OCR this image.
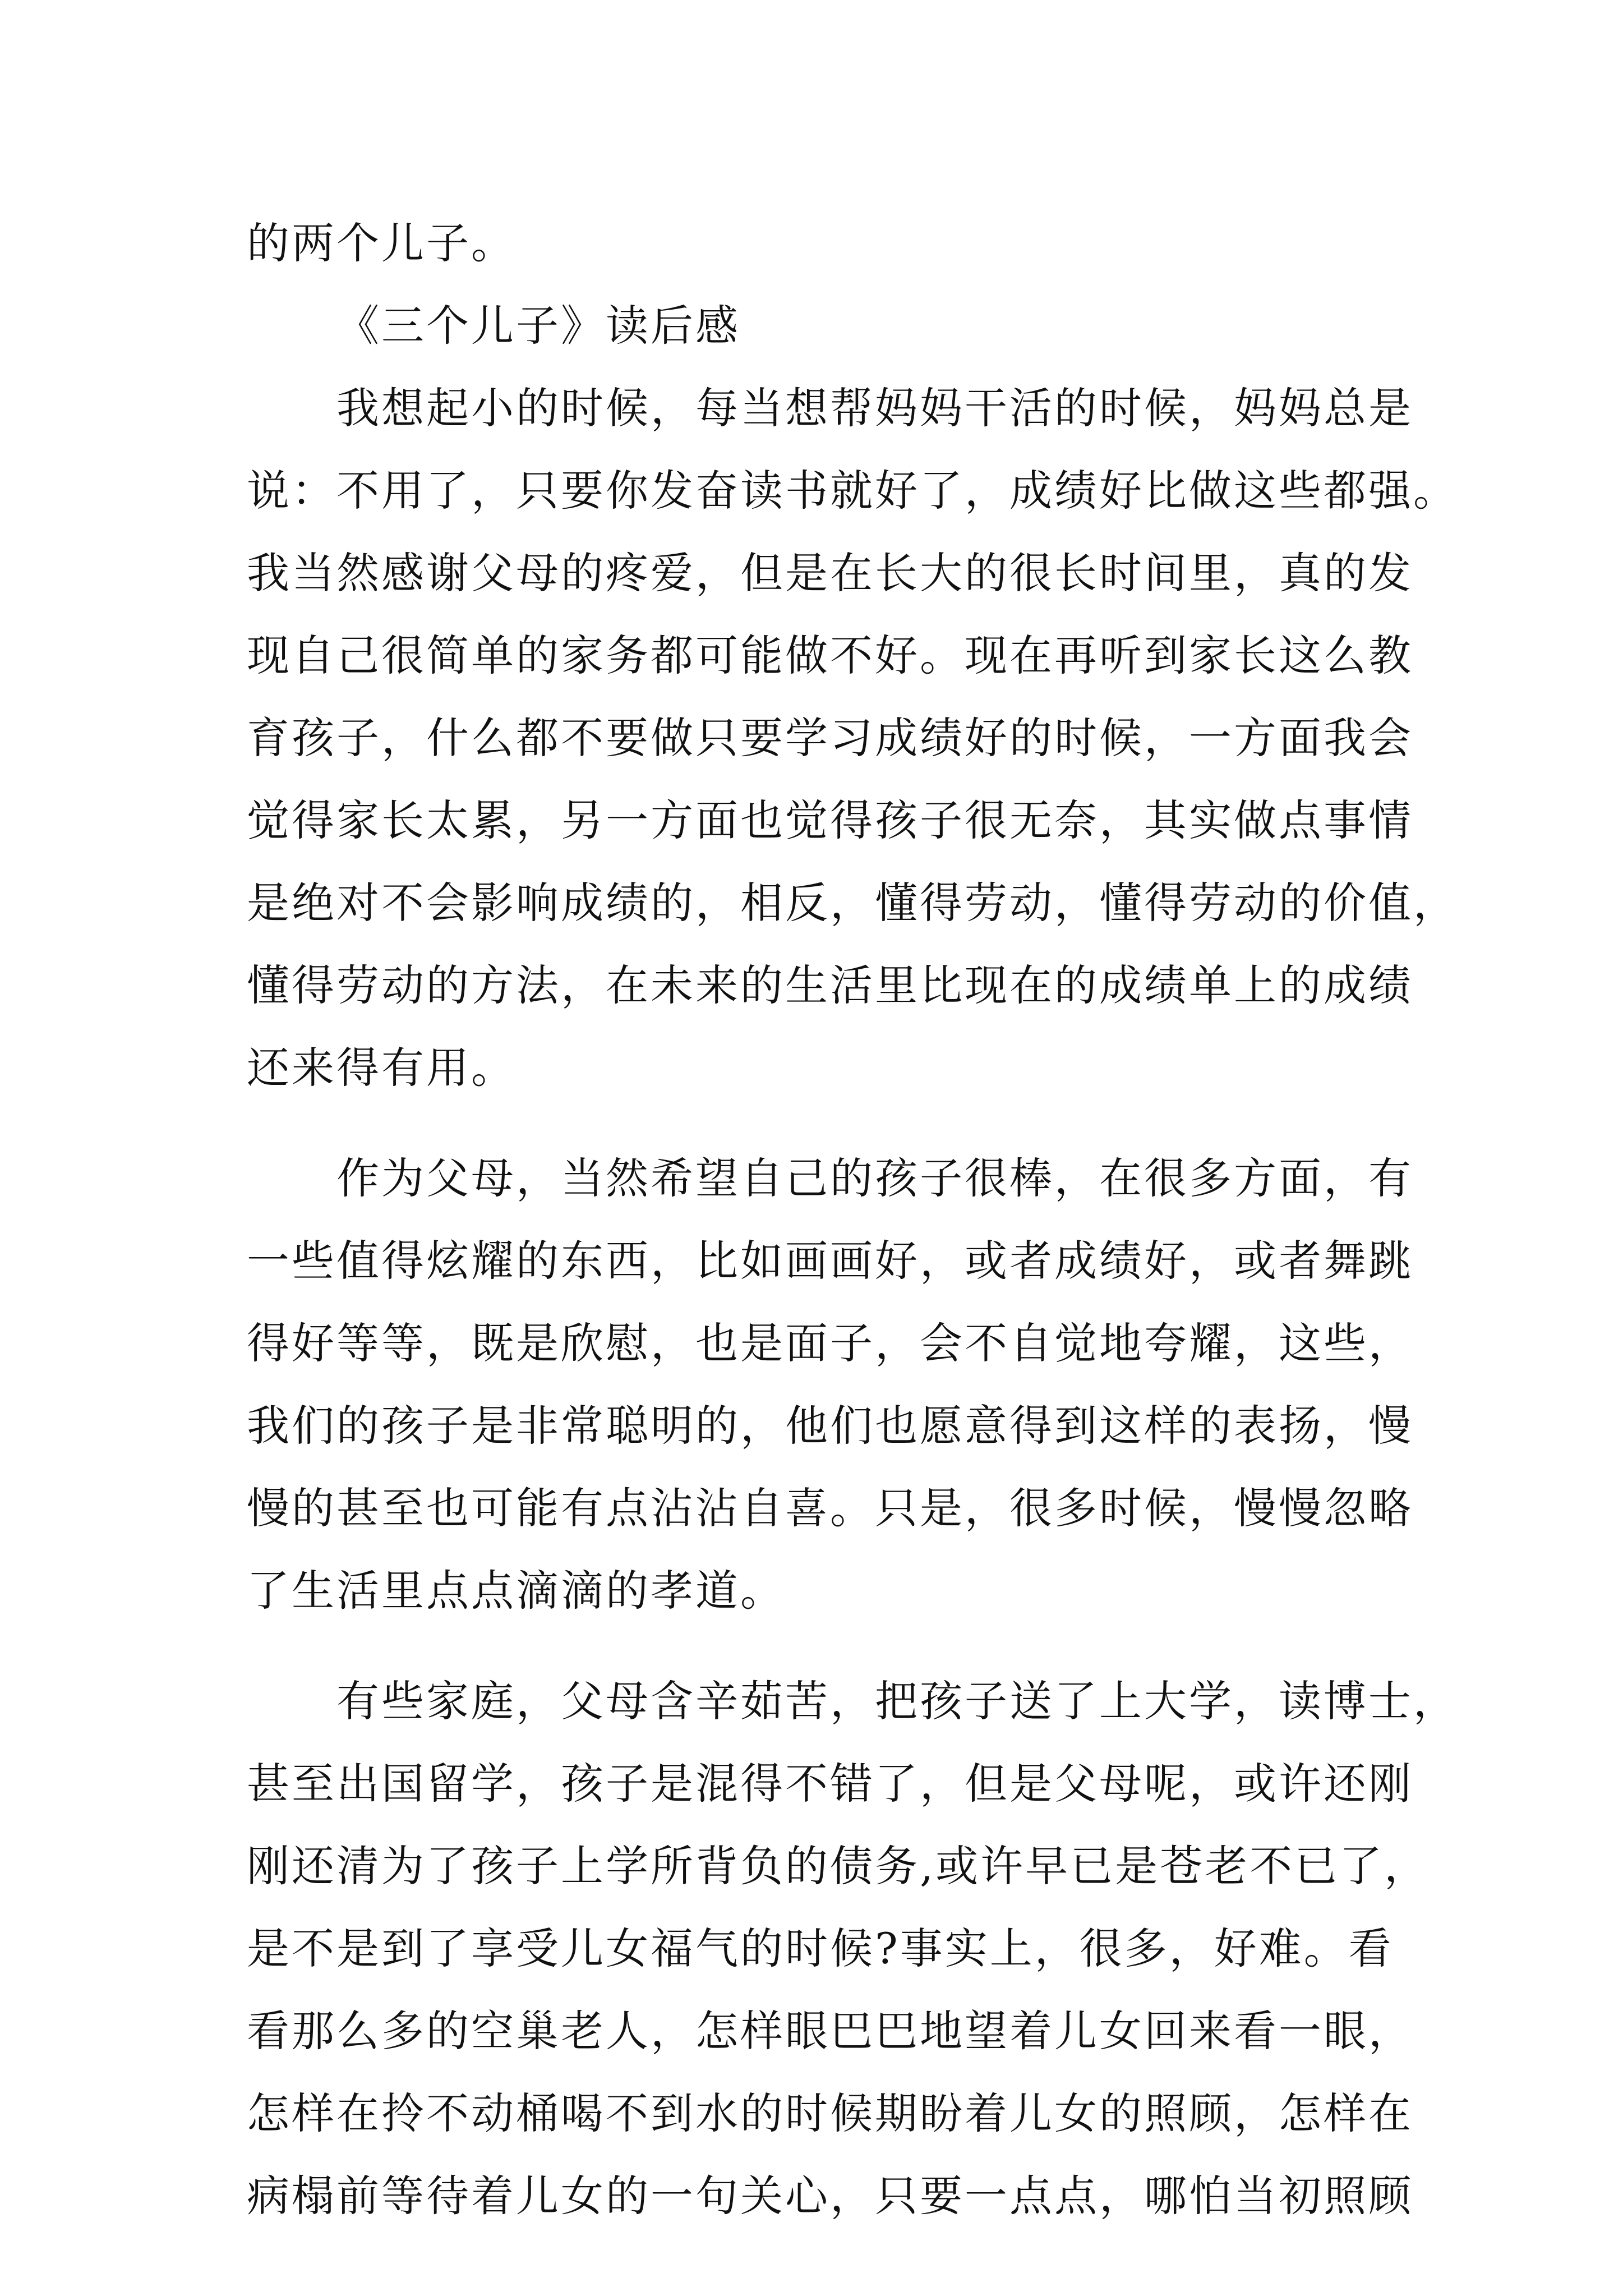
的两个儿子。
《三个儿子》读后感
我想起小的时候，每当想帮妈妈干活的时候，妈妈总是
说：不用了，只要你发奋读书就好了，成绩好比做这些都强。
我当然感谢父母的疼爱，但是在长大的很长时间里，真的发
现自己很简单的家务都可能做不好。现在再听到家长这么教
育孩子，什么都不要做只要学习成绩好的时候，一方面我会
觉得家长太累，另一方面也觉得孩子很无奈，其实做点事情
是绝对不会影响成绩的，相反，懂得劳动，懂得劳动的价值，
懂得劳动的方法，在未来的生活里比现在的成绩单上的成绩
还来得有用。
作为父母，当然希望自己的孩子很棒，在很多方面，有
一些值得炫耀的东西，比如画画好，或者成绩好，或者舞跳
得好等等，既是欣慰，也是面子，会不自觉地夸耀，这些，
我们的孩子是非常聪明的，他们也愿意得到这样的表扬，慢
慢的甚至也可能有点沾沾自喜。只是，很多时候，慢慢忽略
了生活里点点滴滴的孝道。
有些家庭，父母含辛茹苦，把孩子送了上大学，读博士，
甚至出国留学，孩子是混得不错了，但是父母呢，或许还刚
刚还清为了孩子上学所背负的债务,或许早已是苍老不已了，
是不是到了享受儿女福气的时候?事实上，很多，好难。看
看那么多的空巢老人，怎样眼巴巴地望着儿女回来看一眼，
怎样在拎不动桶喝不到水的时候期盼着儿女的照顾，怎样在
病榻前等待着儿女的一句关心，只要一点点，哪怕当初照顾
